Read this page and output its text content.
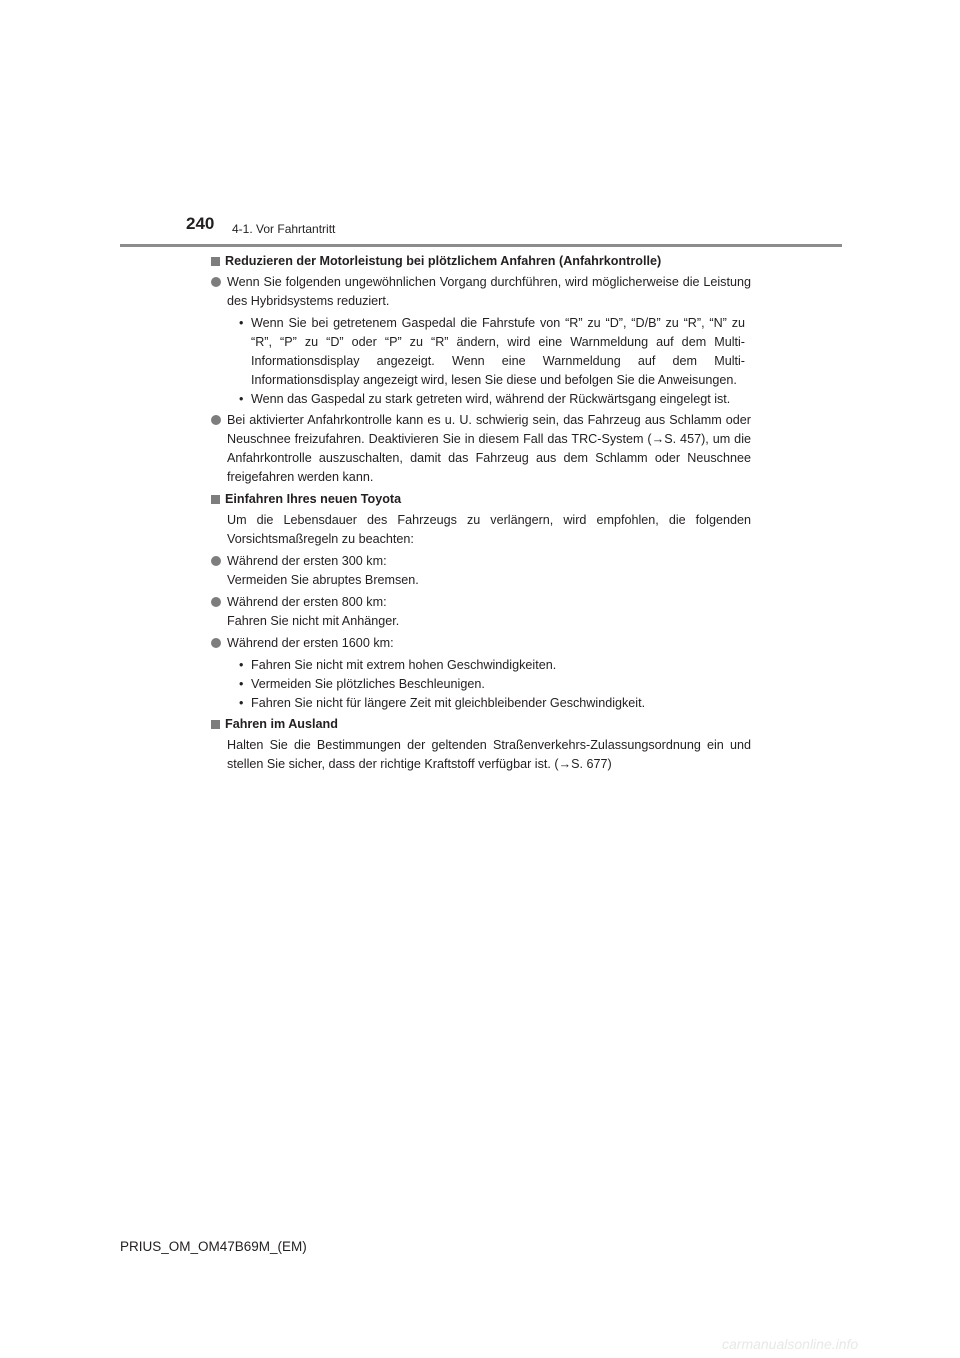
240 4-1. Vor Fahrtantritt
Reduzieren der Motorleistung bei plötzlichem Anfahren (Anfahrkontrolle)
Wenn Sie folgenden ungewöhnlichen Vorgang durchführen, wird möglicherweise die Leistung des Hybridsystems reduziert.
• Wenn Sie bei getretenem Gaspedal die Fahrstufe von “R” zu “D”, “D/B” zu “R”, “N” zu “R”, “P” zu “D” oder “P” zu “R” ändern, wird eine Warnmeldung auf dem Multi-Informationsdisplay angezeigt. Wenn eine Warnmeldung auf dem Multi-Informationsdisplay angezeigt wird, lesen Sie diese und befolgen Sie die Anweisungen.
• Wenn das Gaspedal zu stark getreten wird, während der Rückwärtsgang eingelegt ist.
Bei aktivierter Anfahrkontrolle kann es u. U. schwierig sein, das Fahrzeug aus Schlamm oder Neuschnee freizufahren. Deaktivieren Sie in diesem Fall das TRC-System (→S. 457), um die Anfahrkontrolle auszuschalten, damit das Fahrzeug aus dem Schlamm oder Neuschnee freigefahren werden kann.
Einfahren Ihres neuen Toyota
Um die Lebensdauer des Fahrzeugs zu verlängern, wird empfohlen, die folgenden Vorsichtsmaßregeln zu beachten:
Während der ersten 300 km:
Vermeiden Sie abruptes Bremsen.
Während der ersten 800 km:
Fahren Sie nicht mit Anhänger.
Während der ersten 1600 km:
• Fahren Sie nicht mit extrem hohen Geschwindigkeiten.
• Vermeiden Sie plötzliches Beschleunigen.
• Fahren Sie nicht für längere Zeit mit gleichbleibender Geschwindigkeit.
Fahren im Ausland
Halten Sie die Bestimmungen der geltenden Straßenverkehrs-Zulassungsordnung ein und stellen Sie sicher, dass der richtige Kraftstoff verfügbar ist. (→S. 677)
PRIUS_OM_OM47B69M_(EM)
carmanualsonline.info
